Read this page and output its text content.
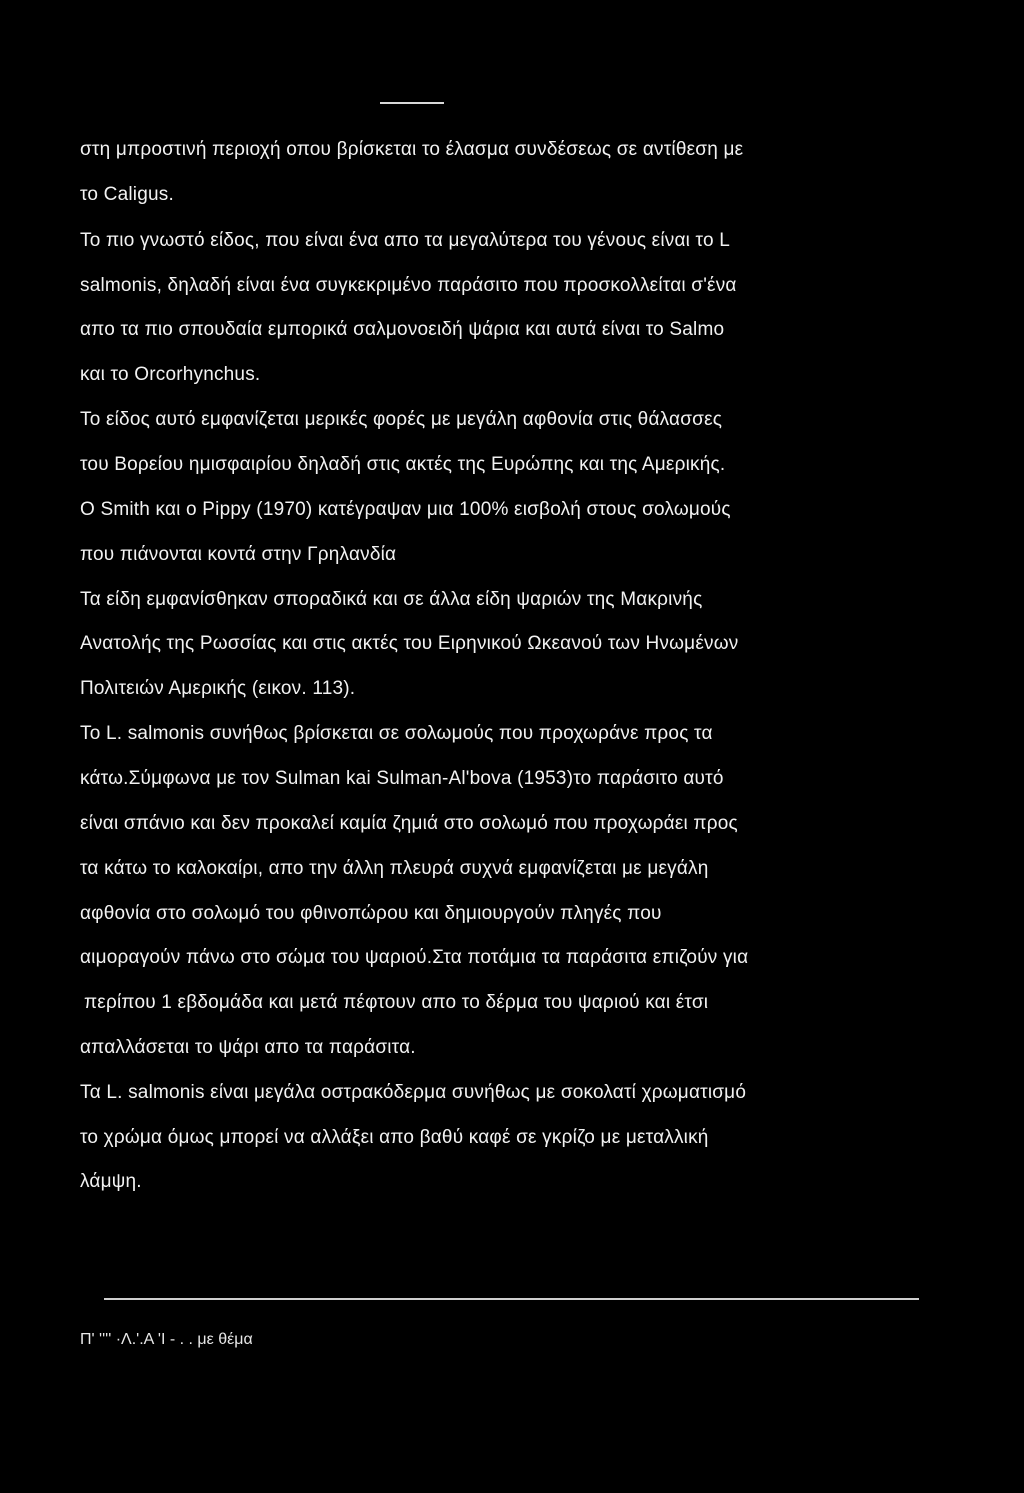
στη μπροστινή περιοχή οπου βρίσκεται το έλασμα συνδέσεως σε αντίθεση με
το Caligus.
Το πιο γνωστό είδος, που είναι ένα απο τα μεγαλύτερα του γένους είναι το L
salmonis, δηλαδή είναι ένα συγκεκριμένο παράσιτο που προσκολλείται σ'ένα
απο τα πιο σπουδαία εμπορικά σαλμονοειδή ψάρια και αυτά είναι το Salmo
και το Orcorhynchus.
Το είδος αυτό εμφανίζεται μερικές φορές με μεγάλη αφθονία στις θάλασσες
του Βορείου ημισφαιρίου δηλαδή στις ακτές της Ευρώπης και της Αμερικής.
Ο Smith και ο Pippy (1970) κατέγραψαν μια 100% εισβολή στους σολωμούς
που πιάνονται κοντά στην Γρηλανδία
Τα είδη εμφανίσθηκαν σποραδικά και σε άλλα είδη ψαριών της Μακρινής
Ανατολής της Ρωσσίας και στις ακτές του Ειρηνικού Ωκεανού των Ηνωμένων
Πολιτειών Αμερικής (εικον. 113).
Το L. salmonis συνήθως βρίσκεται σε σολωμούς που προχωράνε προς τα
κάτω.Σύμφωνα με τον Sulman kai Sulman-Al'bova (1953)το παράσιτο αυτό
είναι σπάνιο και δεν προκαλεί καμία ζημιά στο σολωμό που προχωράει προς
τα κάτω το καλοκαίρι, απο την άλλη πλευρά συχνά εμφανίζεται με μεγάλη
αφθονία στο σολωμό του φθινοπώρου και δημιουργούν πληγές που
αιμοραγούν πάνω στο σώμα του ψαριού.Στα ποτάμια τα παράσιτα επιζούν για
περίπου 1 εβδομάδα και μετά πέφτουν απο το δέρμα του ψαριού και έτσι
απαλλάσεται το ψάρι απο τα παράσιτα.
Τα L. salmonis είναι μεγάλα οστρακόδερμα συνήθως με σοκολατί χρωματισμό
το χρώμα όμως μπορεί να αλλάξει απο βαθύ καφέ σε γκρίζο με μεταλλική
λάμψη.
Π' '''' ·Λ.'.Α 'Ι - . . με θέμα
